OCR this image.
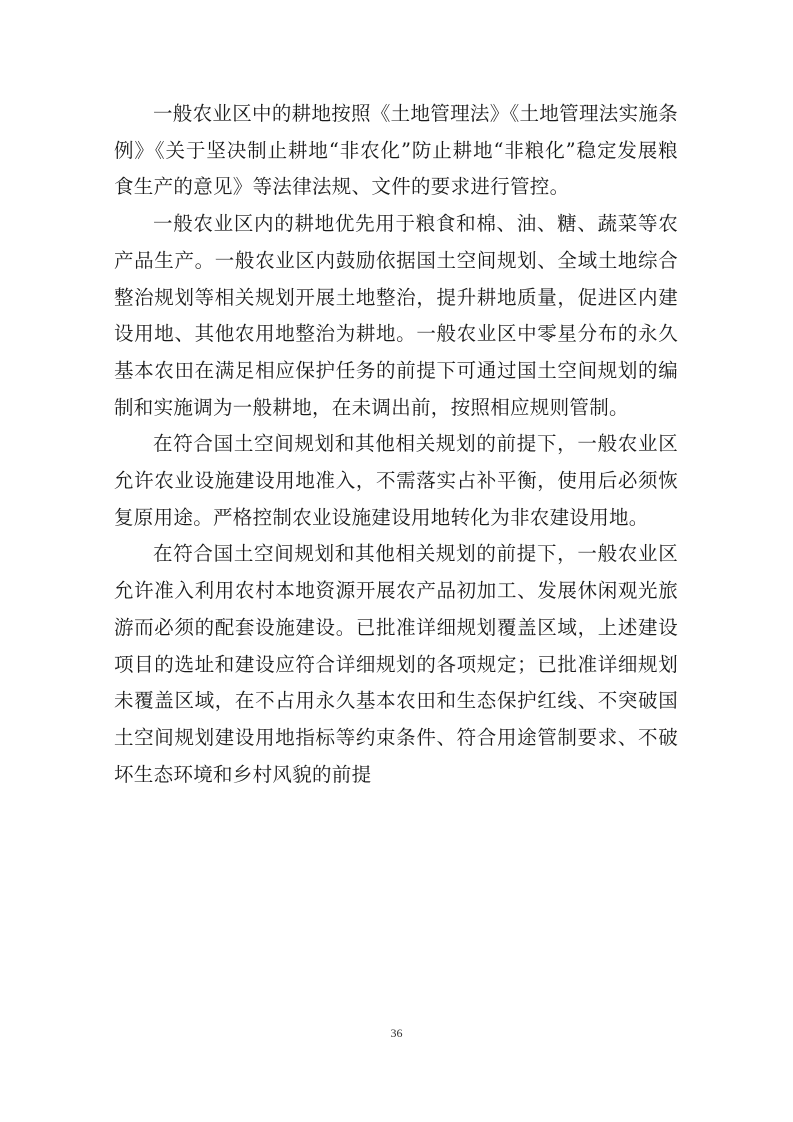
一般农业区中的耕地按照《土地管理法》《土地管理法实施条例》《关于坚决制止耕地“非农化”防止耕地“非粮化”稳定发展粮食生产的意见》等法律法规、文件的要求进行管控。

一般农业区内的耕地优先用于粮食和棉、油、糖、蔬菜等农产品生产。一般农业区内鼓励依据国土空间规划、全域土地综合整治规划等相关规划开展土地整治，提升耕地质量，促进区内建设用地、其他农用地整治为耕地。一般农业区中零星分布的永久基本农田在满足相应保护任务的前提下可通过国土空间规划的编制和实施调为一般耕地，在未调出前，按照相应规则管制。

在符合国土空间规划和其他相关规划的前提下，一般农业区允许农业设施建设用地准入，不需落实占补平衡，使用后必须恢复原用途。严格控制农业设施建设用地转化为非农建设用地。

在符合国土空间规划和其他相关规划的前提下，一般农业区允许准入利用农村本地资源开展农产品初加工、发展休闲观光旅游而必须的配套设施建设。已批准详细规划覆盖区域，上述建设项目的选址和建设应符合详细规划的各项规定；已批准详细规划未覆盖区域，在不占用永久基本农田和生态保护红线、不突破国土空间规划建设用地指标等约束条件、符合用途管制要求、不破坏生态环境和乡村风貌的前提

36
